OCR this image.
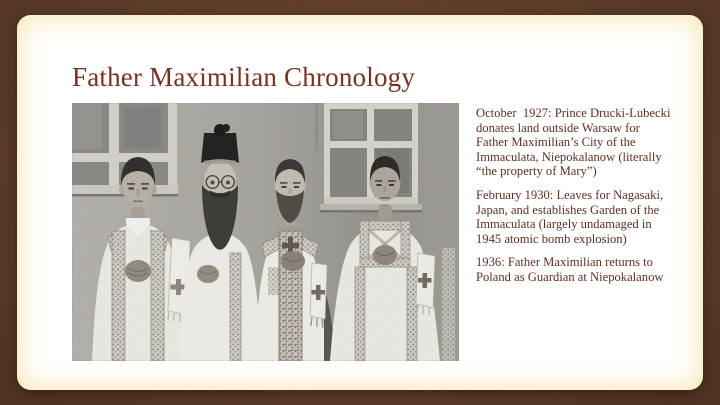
Father Maximilian Chronology

October  1927: Prince Drucki-Lubecki donates land outside Warsaw for Father Maximilian’s City of the Immaculata, Niepokalanow (literally “the property of Mary”)

February 1930: Leaves for Nagasaki, Japan, and establishes Garden of the Immaculata (largely undamaged in 1945 atomic bomb explosion)

1936: Father Maximilian returns to Poland as Guardian at Niepokalanow
